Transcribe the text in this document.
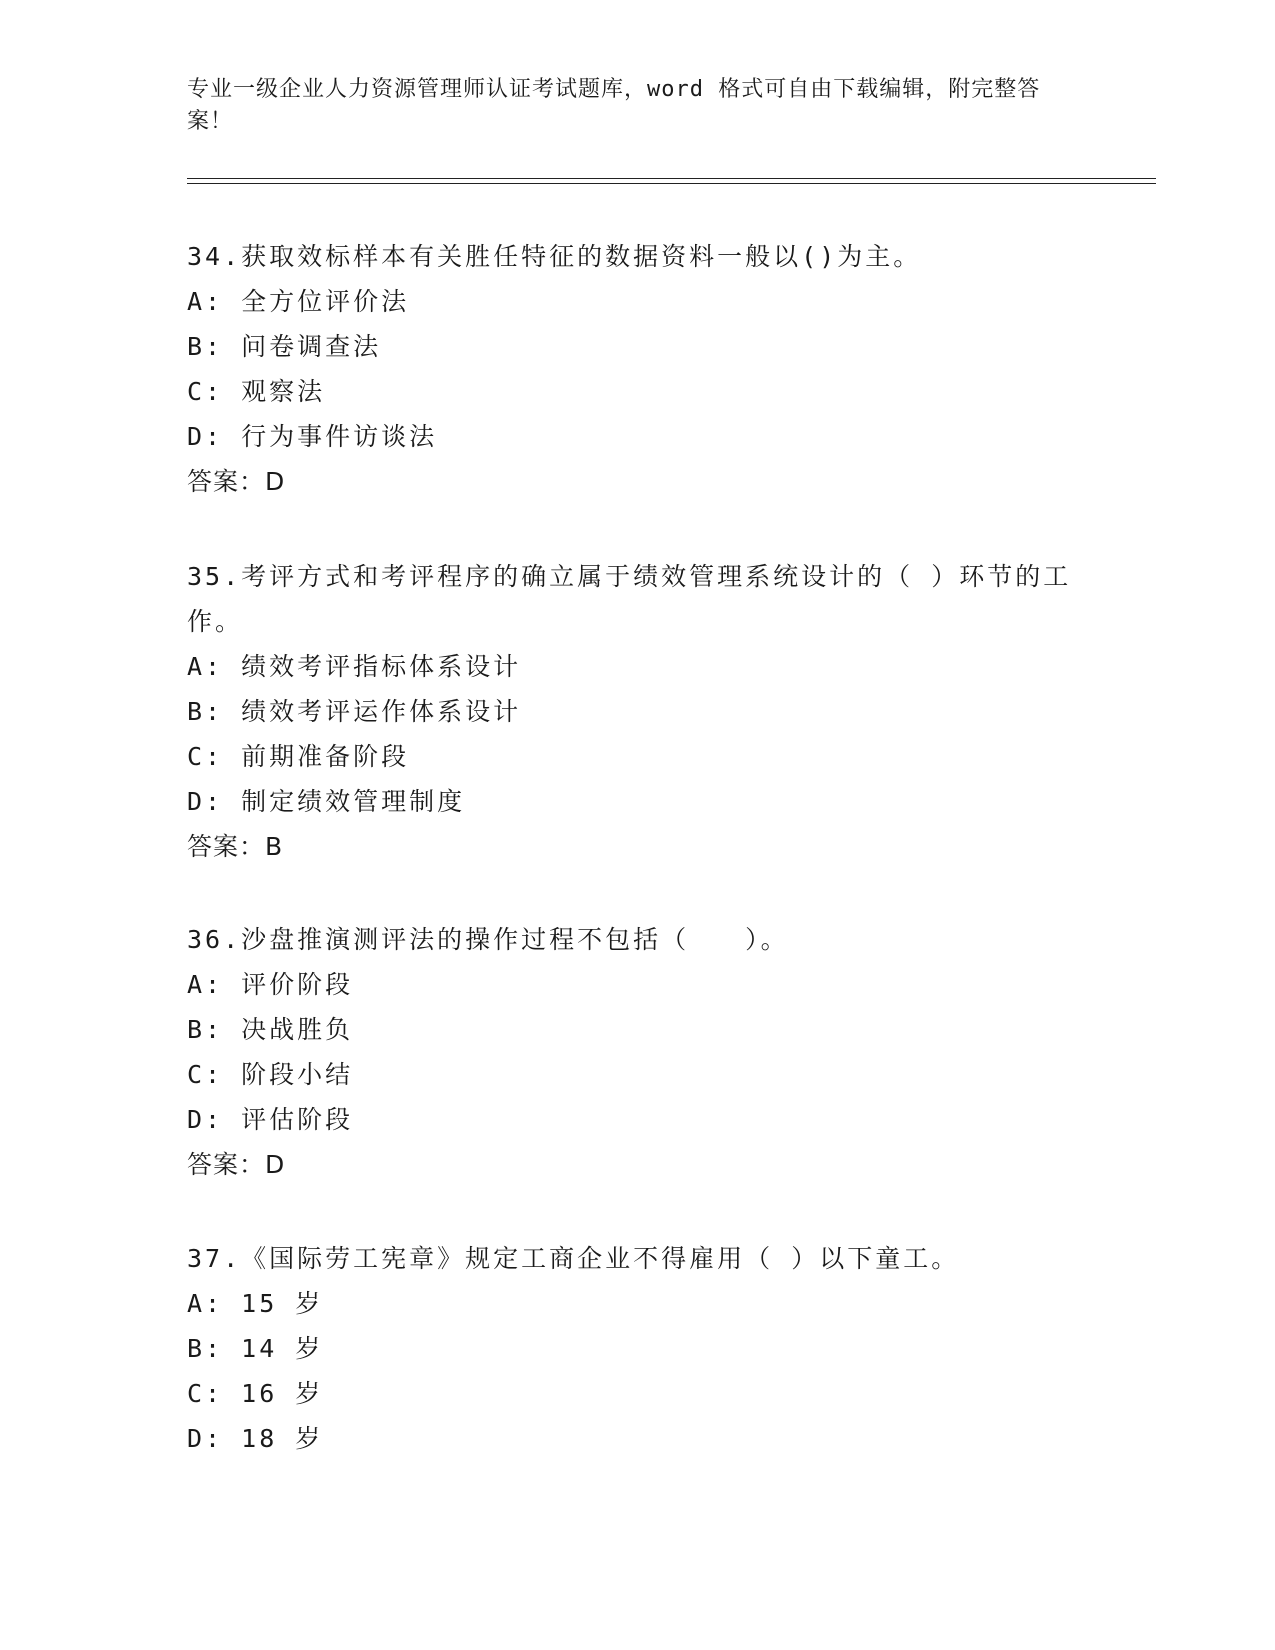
专业一级企业人力资源管理师认证考试题库，word 格式可自由下载编辑，附完整答案！

34.获取效标样本有关胜任特征的数据资料一般以()为主。

A: 全方位评价法

B: 问卷调查法

C: 观察法

D: 行为事件访谈法

答案：D

35.考评方式和考评程序的确立属于绩效管理系统设计的（ ）环节的工作。

A: 绩效考评指标体系设计

B: 绩效考评运作体系设计

C: 前期准备阶段

D: 制定绩效管理制度

答案：B

36.沙盘推演测评法的操作过程不包括（　　）。

A: 评价阶段

B: 决战胜负

C: 阶段小结

D: 评估阶段

答案：D

37.《国际劳工宪章》规定工商企业不得雇用（ ）以下童工。

A: 15 岁

B: 14 岁

C: 16 岁

D: 18 岁
